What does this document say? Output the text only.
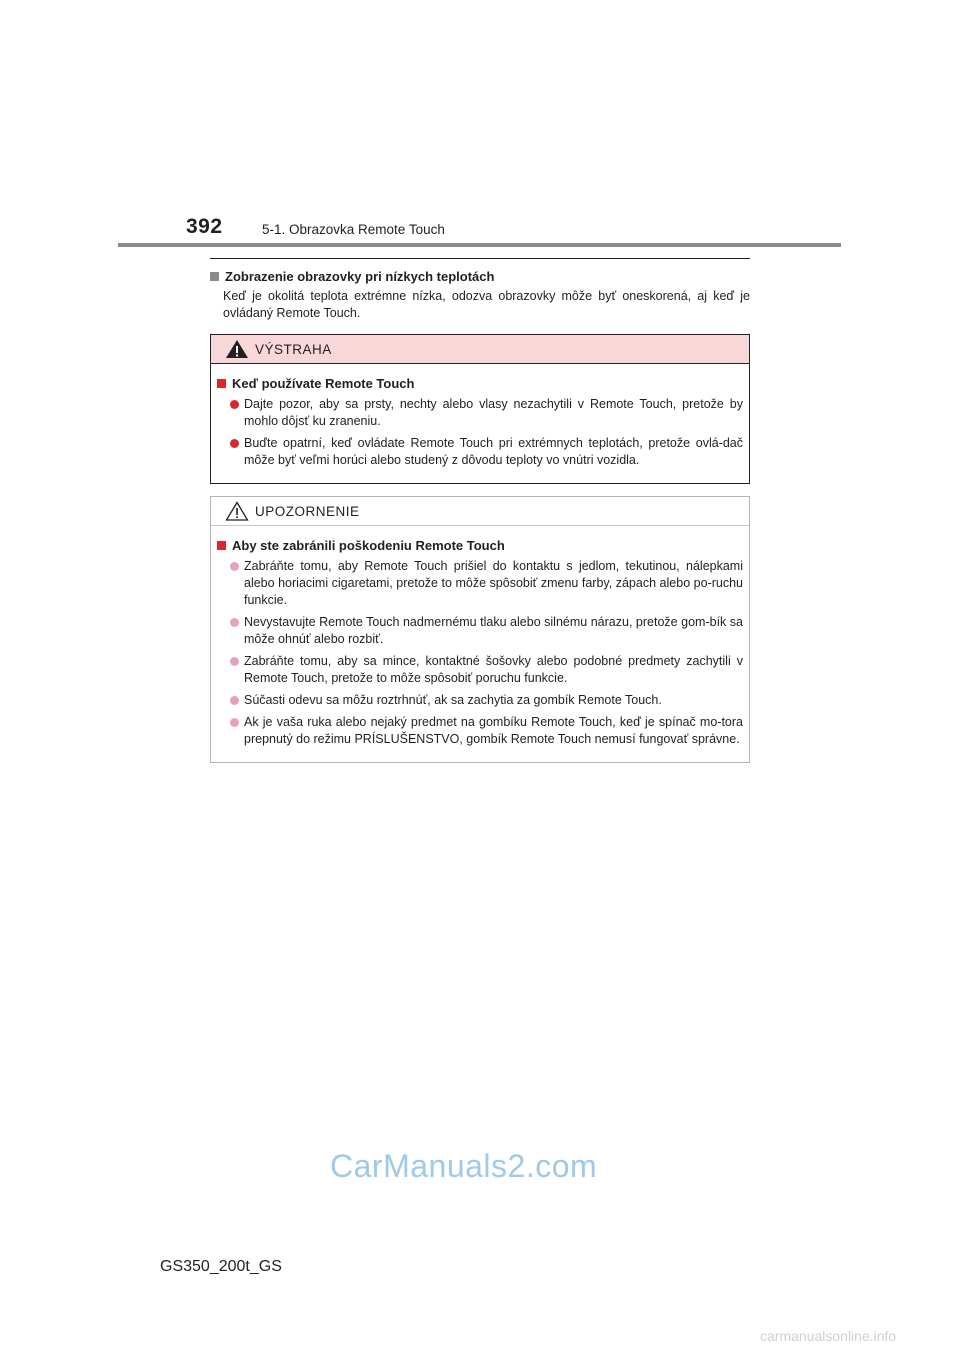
392	5-1. Obrazovka Remote Touch
Zobrazenie obrazovky pri nízkych teplotách
Keď je okolitá teplota extrémne nízka, odozva obrazovky môže byť oneskorená, aj keď je ovládaný Remote Touch.
VÝSTRAHA
Keď používate Remote Touch
Dajte pozor, aby sa prsty, nechty alebo vlasy nezachytili v Remote Touch, pretože by mohlo dôjsť ku zraneniu.
Buďte opatrní, keď ovládate Remote Touch pri extrémnych teplotách, pretože ovlá-dač môže byť veľmi horúci alebo studený z dôvodu teploty vo vnútri vozidla.
UPOZORNENIE
Aby ste zabránili poškodeniu Remote Touch
Zabráňte tomu, aby Remote Touch prišiel do kontaktu s jedlom, tekutinou, nálepkami alebo horiacimi cigaretami, pretože to môže spôsobiť zmenu farby, zápach alebo po-ruchu funkcie.
Nevystavujte Remote Touch nadmernému tlaku alebo silnému nárazu, pretože gom-bík sa môže ohnúť alebo rozbiť.
Zabráňte tomu, aby sa mince, kontaktné šošovky alebo podobné predmety zachytili v Remote Touch, pretože to môže spôsobiť poruchu funkcie.
Súčasti odevu sa môžu roztrhnúť, ak sa zachytia za gombík Remote Touch.
Ak je vaša ruka alebo nejaký predmet na gombíku Remote Touch, keď je spínač mo-tora prepnutý do režimu PRÍSLUŠENSTVO, gombík Remote Touch nemusí fungovať správne.
CarManuals2.com
GS350_200t_GS
carmanualsonline.info
